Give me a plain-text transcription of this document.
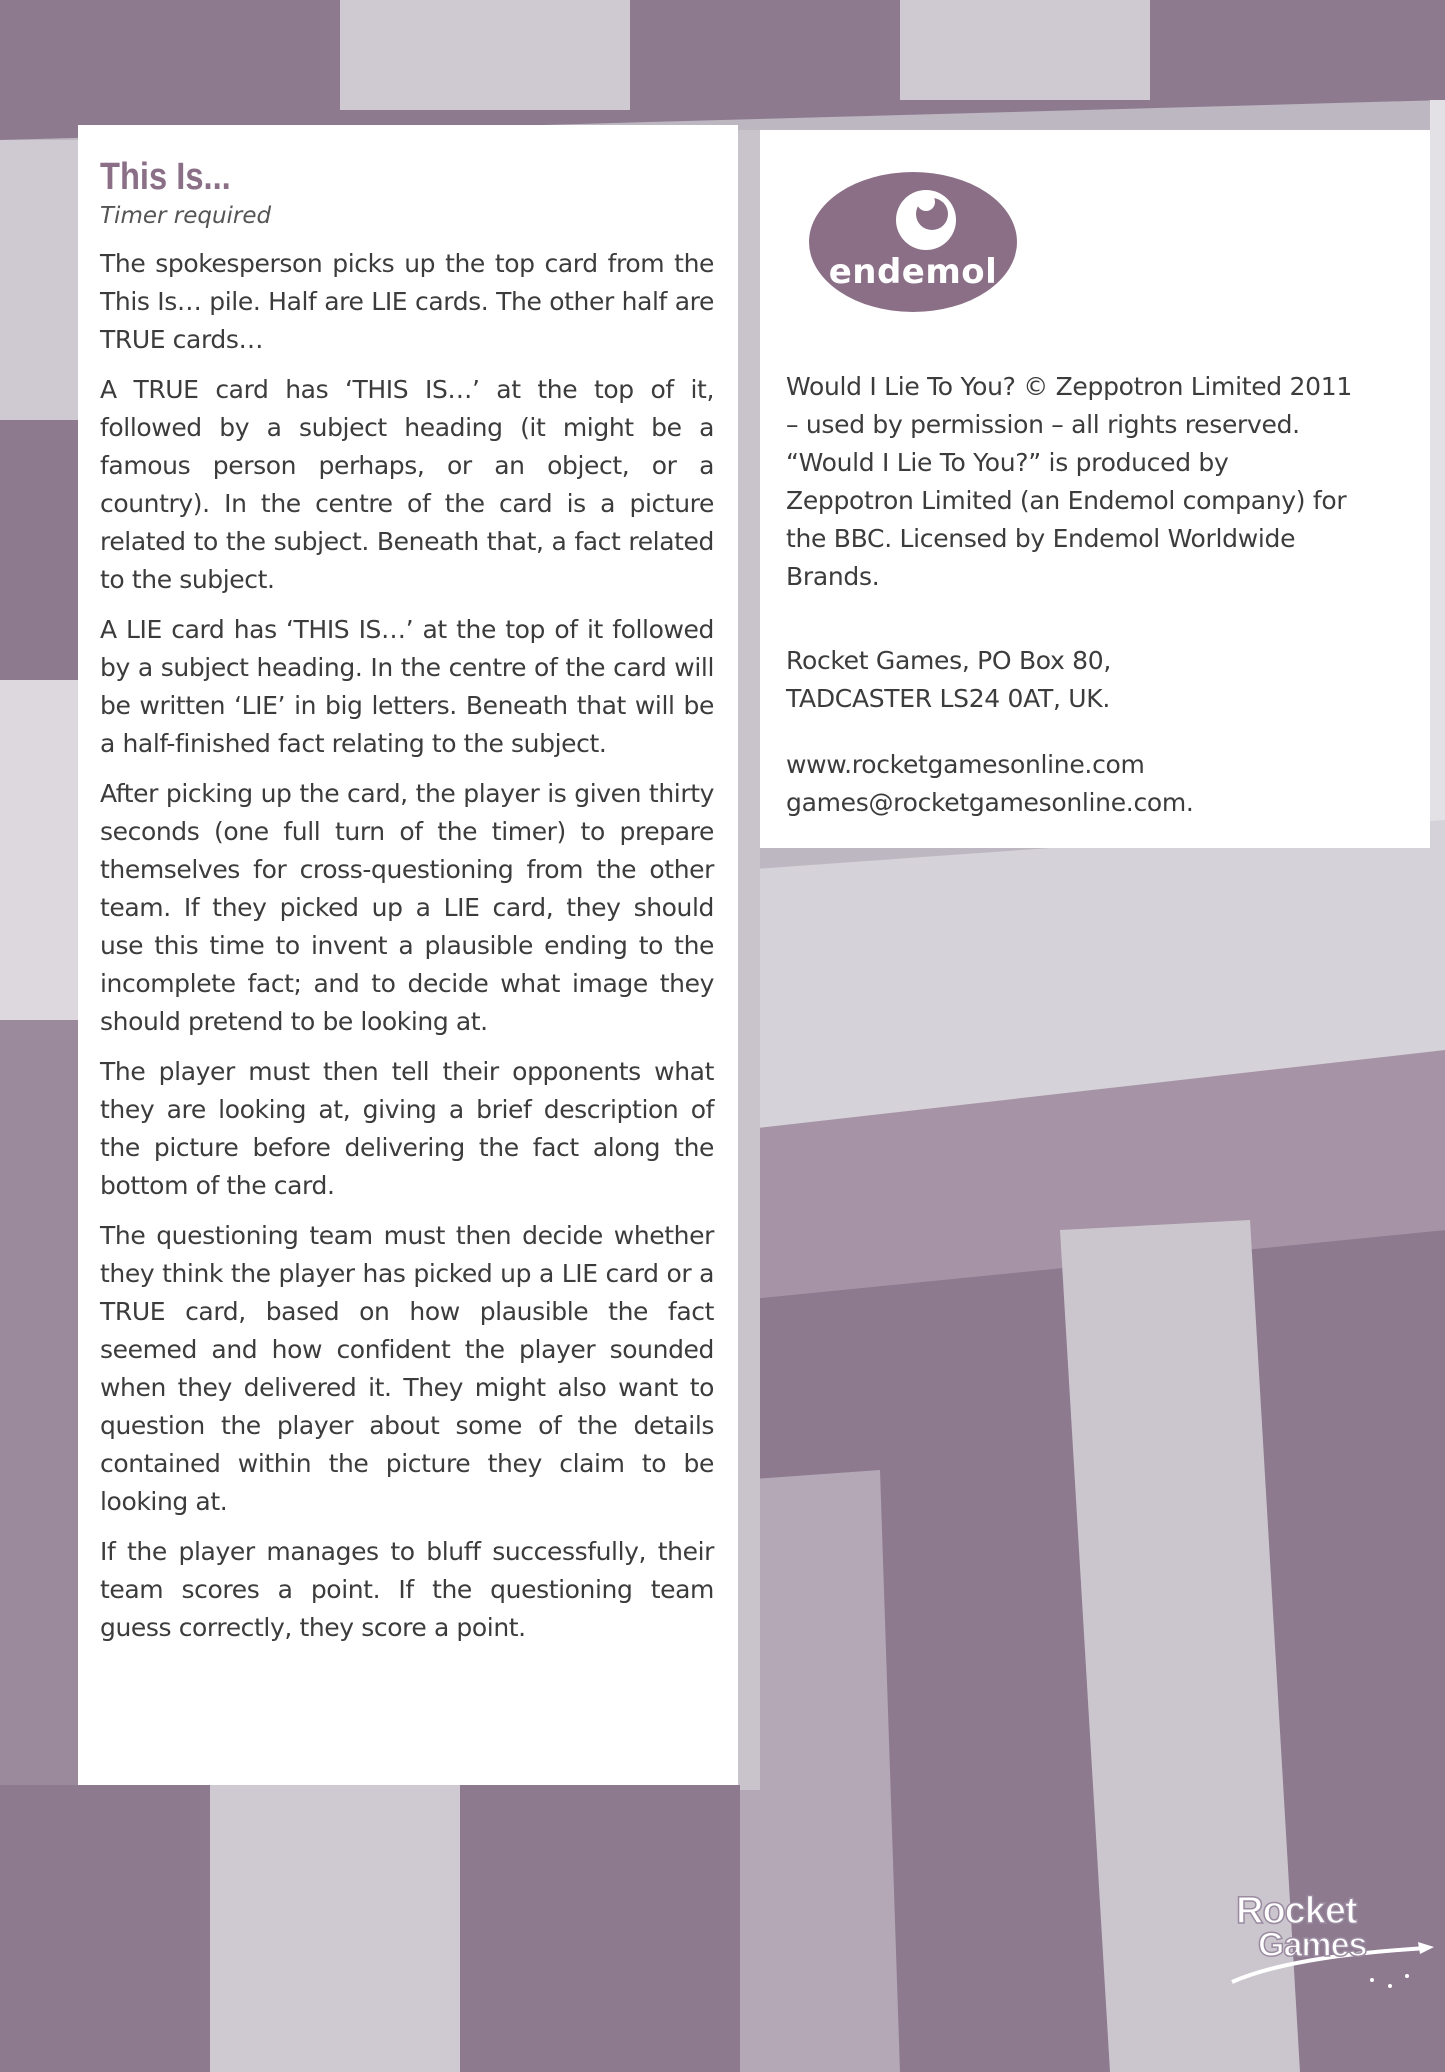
This Is...
Timer required

The spokesperson picks up the top card from the This Is… pile. Half are LIE cards. The other half are TRUE cards…

A TRUE card has ‘THIS IS…’ at the top of it, followed by a subject heading (it might be a famous person perhaps, or an object, or a country). In the centre of the card is a picture related to the subject. Beneath that, a fact related to the subject.

A LIE card has ‘THIS IS…’ at the top of it followed by a subject heading. In the centre of the card will be written ‘LIE’ in big letters. Beneath that will be a half-finished fact relating to the subject.

After picking up the card, the player is given thirty seconds (one full turn of the timer) to prepare themselves for cross-questioning from the other team. If they picked up a LIE card, they should use this time to invent a plausible ending to the incomplete fact; and to decide what image they should pretend to be looking at.

The player must then tell their opponents what they are looking at, giving a brief description of the picture before delivering the fact along the bottom of the card.

The questioning team must then decide whether they think the player has picked up a LIE card or a TRUE card, based on how plausible the fact seemed and how confident the player sounded when they delivered it. They might also want to question the player about some of the details contained within the picture they claim to be looking at.

If the player manages to bluff successfully, their team scores a point. If the questioning team guess correctly, they score a point.

endemol

Would I Lie To You? © Zeppotron Limited 2011

– used by permission – all rights reserved.

“Would I Lie To You?” is produced by

Zeppotron Limited (an Endemol company) for

the BBC. Licensed by Endemol Worldwide

Brands.

Rocket Games, PO Box 80,

TADCASTER LS24 0AT, UK.

www.rocketgamesonline.com

games@rocketgamesonline.com.

Rocket
Games
